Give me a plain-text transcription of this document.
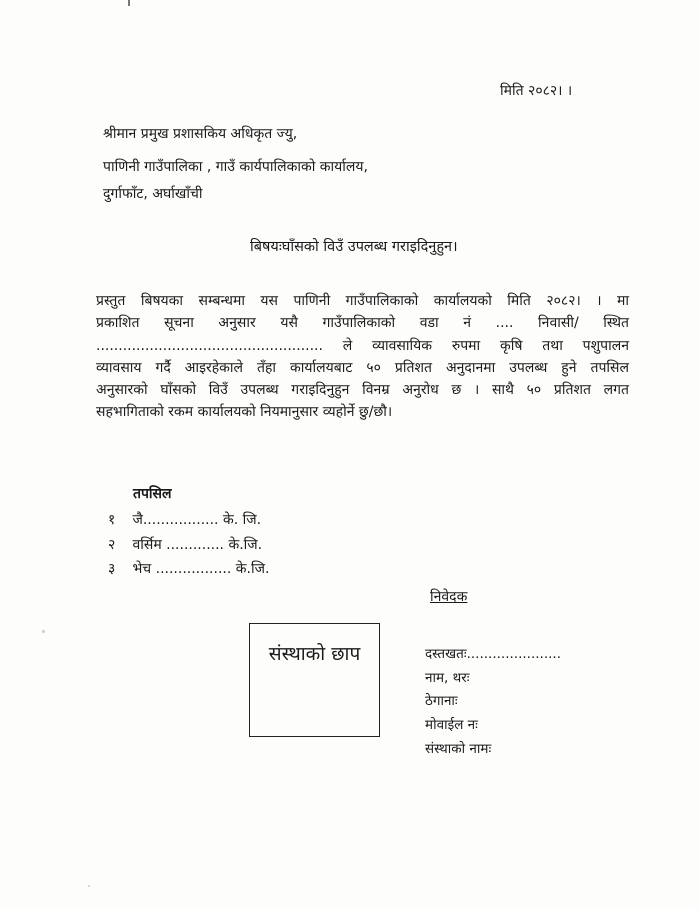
मिति २०८२। ।
श्रीमान प्रमुख प्रशासकिय अधिकृत ज्यु,
पाणिनी गाउँपालिका , गाउँ कार्यपालिकाको कार्यालय,
दुर्गाफाँट, अर्घाखाँची
बिषयःघाँसको विउँ उपलब्ध गराइदिनुहुन।
प्रस्तुत बिषयका सम्बन्धमा यस पाणिनी गाउँपालिकाको कार्यालयको मिति २०८२। । मा
प्रकाशित सूचना अनुसार यसै गाउँपालिकाको वडा नं .... निवासी/ स्थित
................................................... ले व्यावसायिक रुपमा कृषि तथा पशुपालन
व्यावसाय गर्दै आइरहेकाले तँहा कार्यालयबाट ५० प्रतिशत अनुदानमा उपलब्ध हुने तपसिल
अनुसारको घाँसको विउँ उपलब्ध गराइदिनुहुन विनम्र अनुरोध छ । साथै ५० प्रतिशत लगत
सहभागिताको रकम कार्यालयको नियमानुसार व्यहोर्ने छु/छौ।
तपसिल
१ जै................. के. जि.
२ वर्सिम ............. के.जि.
३ भेच ................. के.जि.
निवेदक
संस्थाको छाप	दस्तखतः......................
नाम, थरः
ठेगानाः
मोवाईल नः
संस्थाको नामः
